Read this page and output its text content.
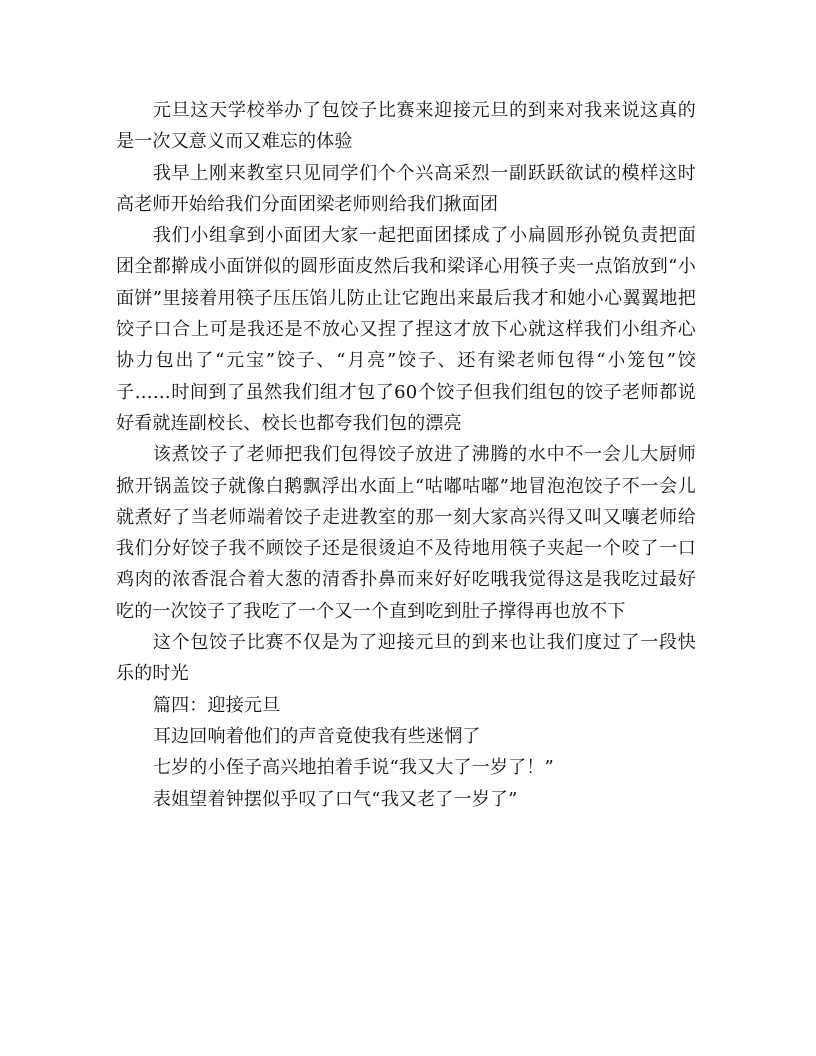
元旦这天学校举办了包饺子比赛来迎接元旦的到来对我来说这真的是一次又意义而又难忘的体验

我早上刚来教室只见同学们个个兴高采烈一副跃跃欲试的模样这时高老师开始给我们分面团梁老师则给我们揪面团

我们小组拿到小面团大家一起把面团揉成了小扁圆形孙锐负责把面团全都擀成小面饼似的圆形面皮然后我和梁译心用筷子夹一点馅放到“小面饼”里接着用筷子压压馅儿防止让它跑出来最后我才和她小心翼翼地把饺子口合上可是我还是不放心又捏了捏这才放下心就这样我们小组齐心协力包出了“元宝”饺子、“月亮”饺子、还有梁老师包得“小笼包”饺子……时间到了虽然我们组才包了60个饺子但我们组包的饺子老师都说好看就连副校长、校长也都夸我们包的漂亮

该煮饺子了老师把我们包得饺子放进了沸腾的水中不一会儿大厨师掀开锅盖饺子就像白鹅飘浮出水面上“咕嘟咕嘟”地冒泡泡饺子不一会儿就煮好了当老师端着饺子走进教室的那一刻大家高兴得又叫又嚷老师给我们分好饺子我不顾饺子还是很烫迫不及待地用筷子夹起一个咬了一口鸡肉的浓香混合着大葱的清香扑鼻而来好好吃哦我觉得这是我吃过最好吃的一次饺子了我吃了一个又一个直到吃到肚子撑得再也放不下

这个包饺子比赛不仅是为了迎接元旦的到来也让我们度过了一段快乐的时光

篇四：迎接元旦

耳边回响着他们的声音竟使我有些迷惘了

七岁的小侄子高兴地拍着手说“我又大了一岁了！”

表姐望着钟摆似乎叹了口气“我又老了一岁了”
